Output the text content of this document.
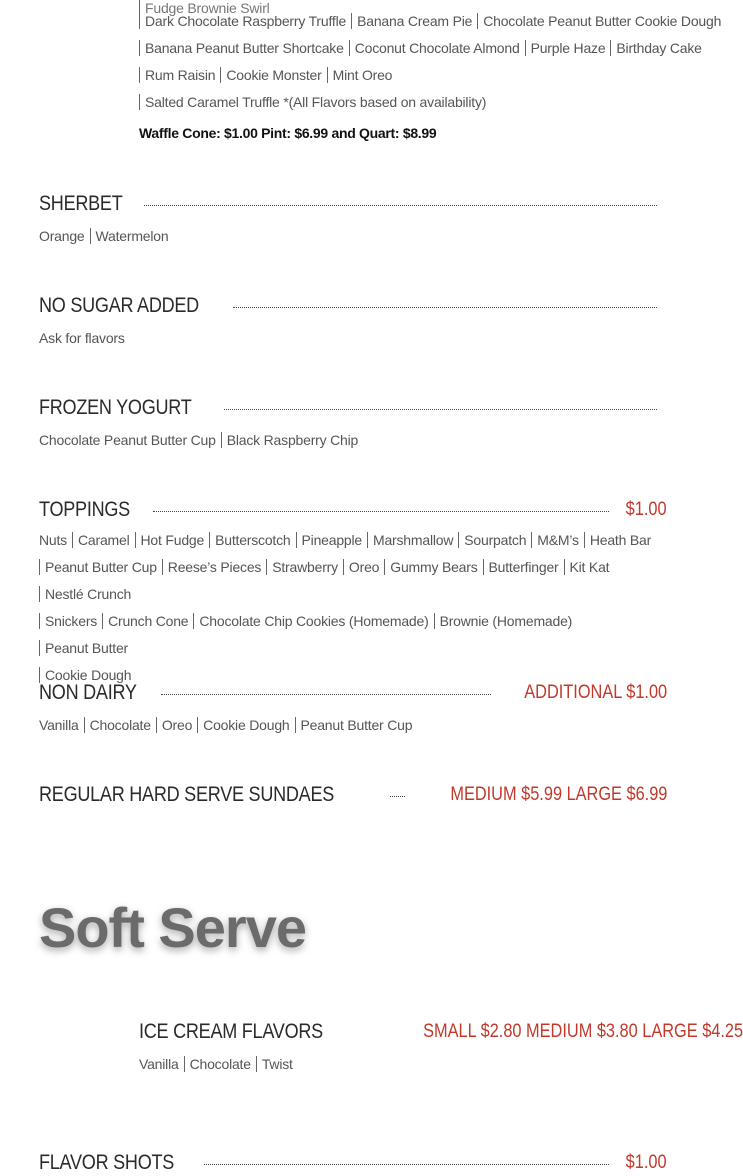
Fudge Brownie Swirl
Dark Chocolate Raspberry Truffle Banana Cream Pie Chocolate Peanut Butter Cookie Dough
Banana Peanut Butter Shortcake Coconut Chocolate Almond Purple Haze Birthday Cake
Rum Raisin Cookie Monster Mint Oreo
Salted Caramel Truffle *(All Flavors based on availability)
Waffle Cone: $1.00 Pint: $6.99 and Quart: $8.99
SHERBET
Orange Watermelon
NO SUGAR ADDED
Ask for flavors
FROZEN YOGURT
Chocolate Peanut Butter Cup Black Raspberry Chip
TOPPINGS	$1.00
Nuts Caramel Hot Fudge Butterscotch Pineapple Marshmallow Sourpatch M&M’s Heath Bar
Peanut Butter Cup Reese’s Pieces Strawberry Oreo Gummy Bears Butterfinger Kit Kat
Nestlé Crunch
Snickers Crunch Cone Chocolate Chip Cookies (Homemade) Brownie (Homemade)
Peanut Butter
Cookie Dough
NON DAIRY	ADDITIONAL $1.00
Vanilla Chocolate Oreo Cookie Dough Peanut Butter Cup
REGULAR HARD SERVE SUNDAES	MEDIUM $5.99 LARGE $6.99
Soft Serve
ICE CREAM FLAVORS	SMALL $2.80 MEDIUM $3.80 LARGE $4.25
Vanilla Chocolate Twist
FLAVOR SHOTS	$1.00
